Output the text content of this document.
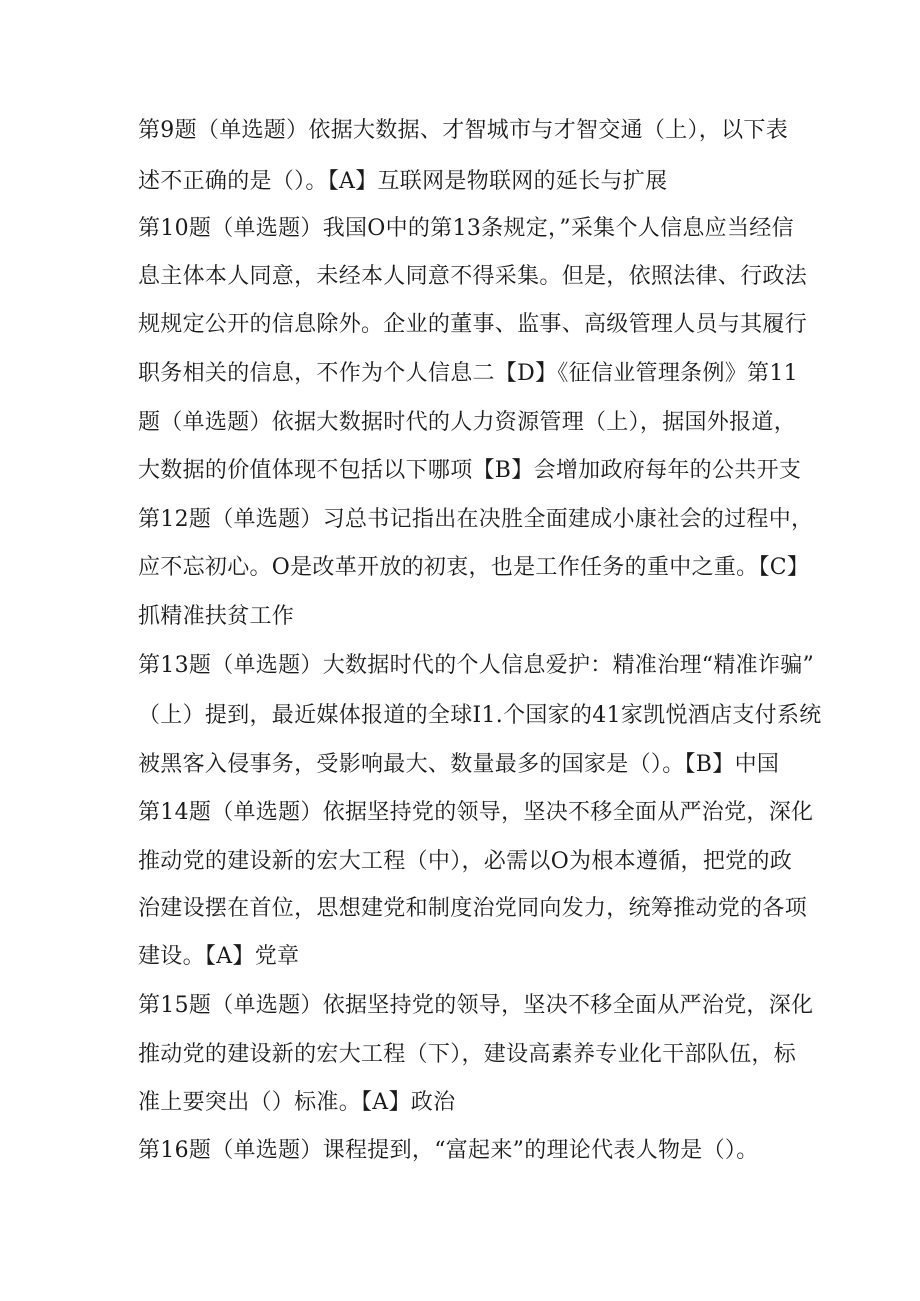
第9题（单选题）依据大数据、才智城市与才智交通（上），以下表
述不正确的是（）。【A】互联网是物联网的延长与扩展
第10题（单选题）我国O中的第13条规定，”采集个人信息应当经信
息主体本人同意，未经本人同意不得采集。但是，依照法律、行政法
规规定公开的信息除外。企业的董事、监事、高级管理人员与其履行
职务相关的信息，不作为个人信息二【D】《征信业管理条例》第11
题（单选题）依据大数据时代的人力资源管理（上），据国外报道，
大数据的价值体现不包括以下哪项【B】会增加政府每年的公共开支
第12题（单选题）习总书记指出在决胜全面建成小康社会的过程中，
应不忘初心。O是改革开放的初衷，也是工作任务的重中之重。【C】
抓精准扶贫工作
第13题（单选题）大数据时代的个人信息爱护：精准治理“精准诈骗”
（上）提到，最近媒体报道的全球I1.个国家的41家凯悦酒店支付系统
被黑客入侵事务，受影响最大、数量最多的国家是（）。【B】中国
第14题（单选题）依据坚持党的领导，坚决不移全面从严治党，深化
推动党的建设新的宏大工程（中），必需以O为根本遵循，把党的政
治建设摆在首位，思想建党和制度治党同向发力，统筹推动党的各项
建设。【A】党章
第15题（单选题）依据坚持党的领导，坚决不移全面从严治党，深化
推动党的建设新的宏大工程（下），建设高素养专业化干部队伍，标
准上要突出（）标准。【A】政治
第16题（单选题）课程提到，“富起来”的理论代表人物是（）。
